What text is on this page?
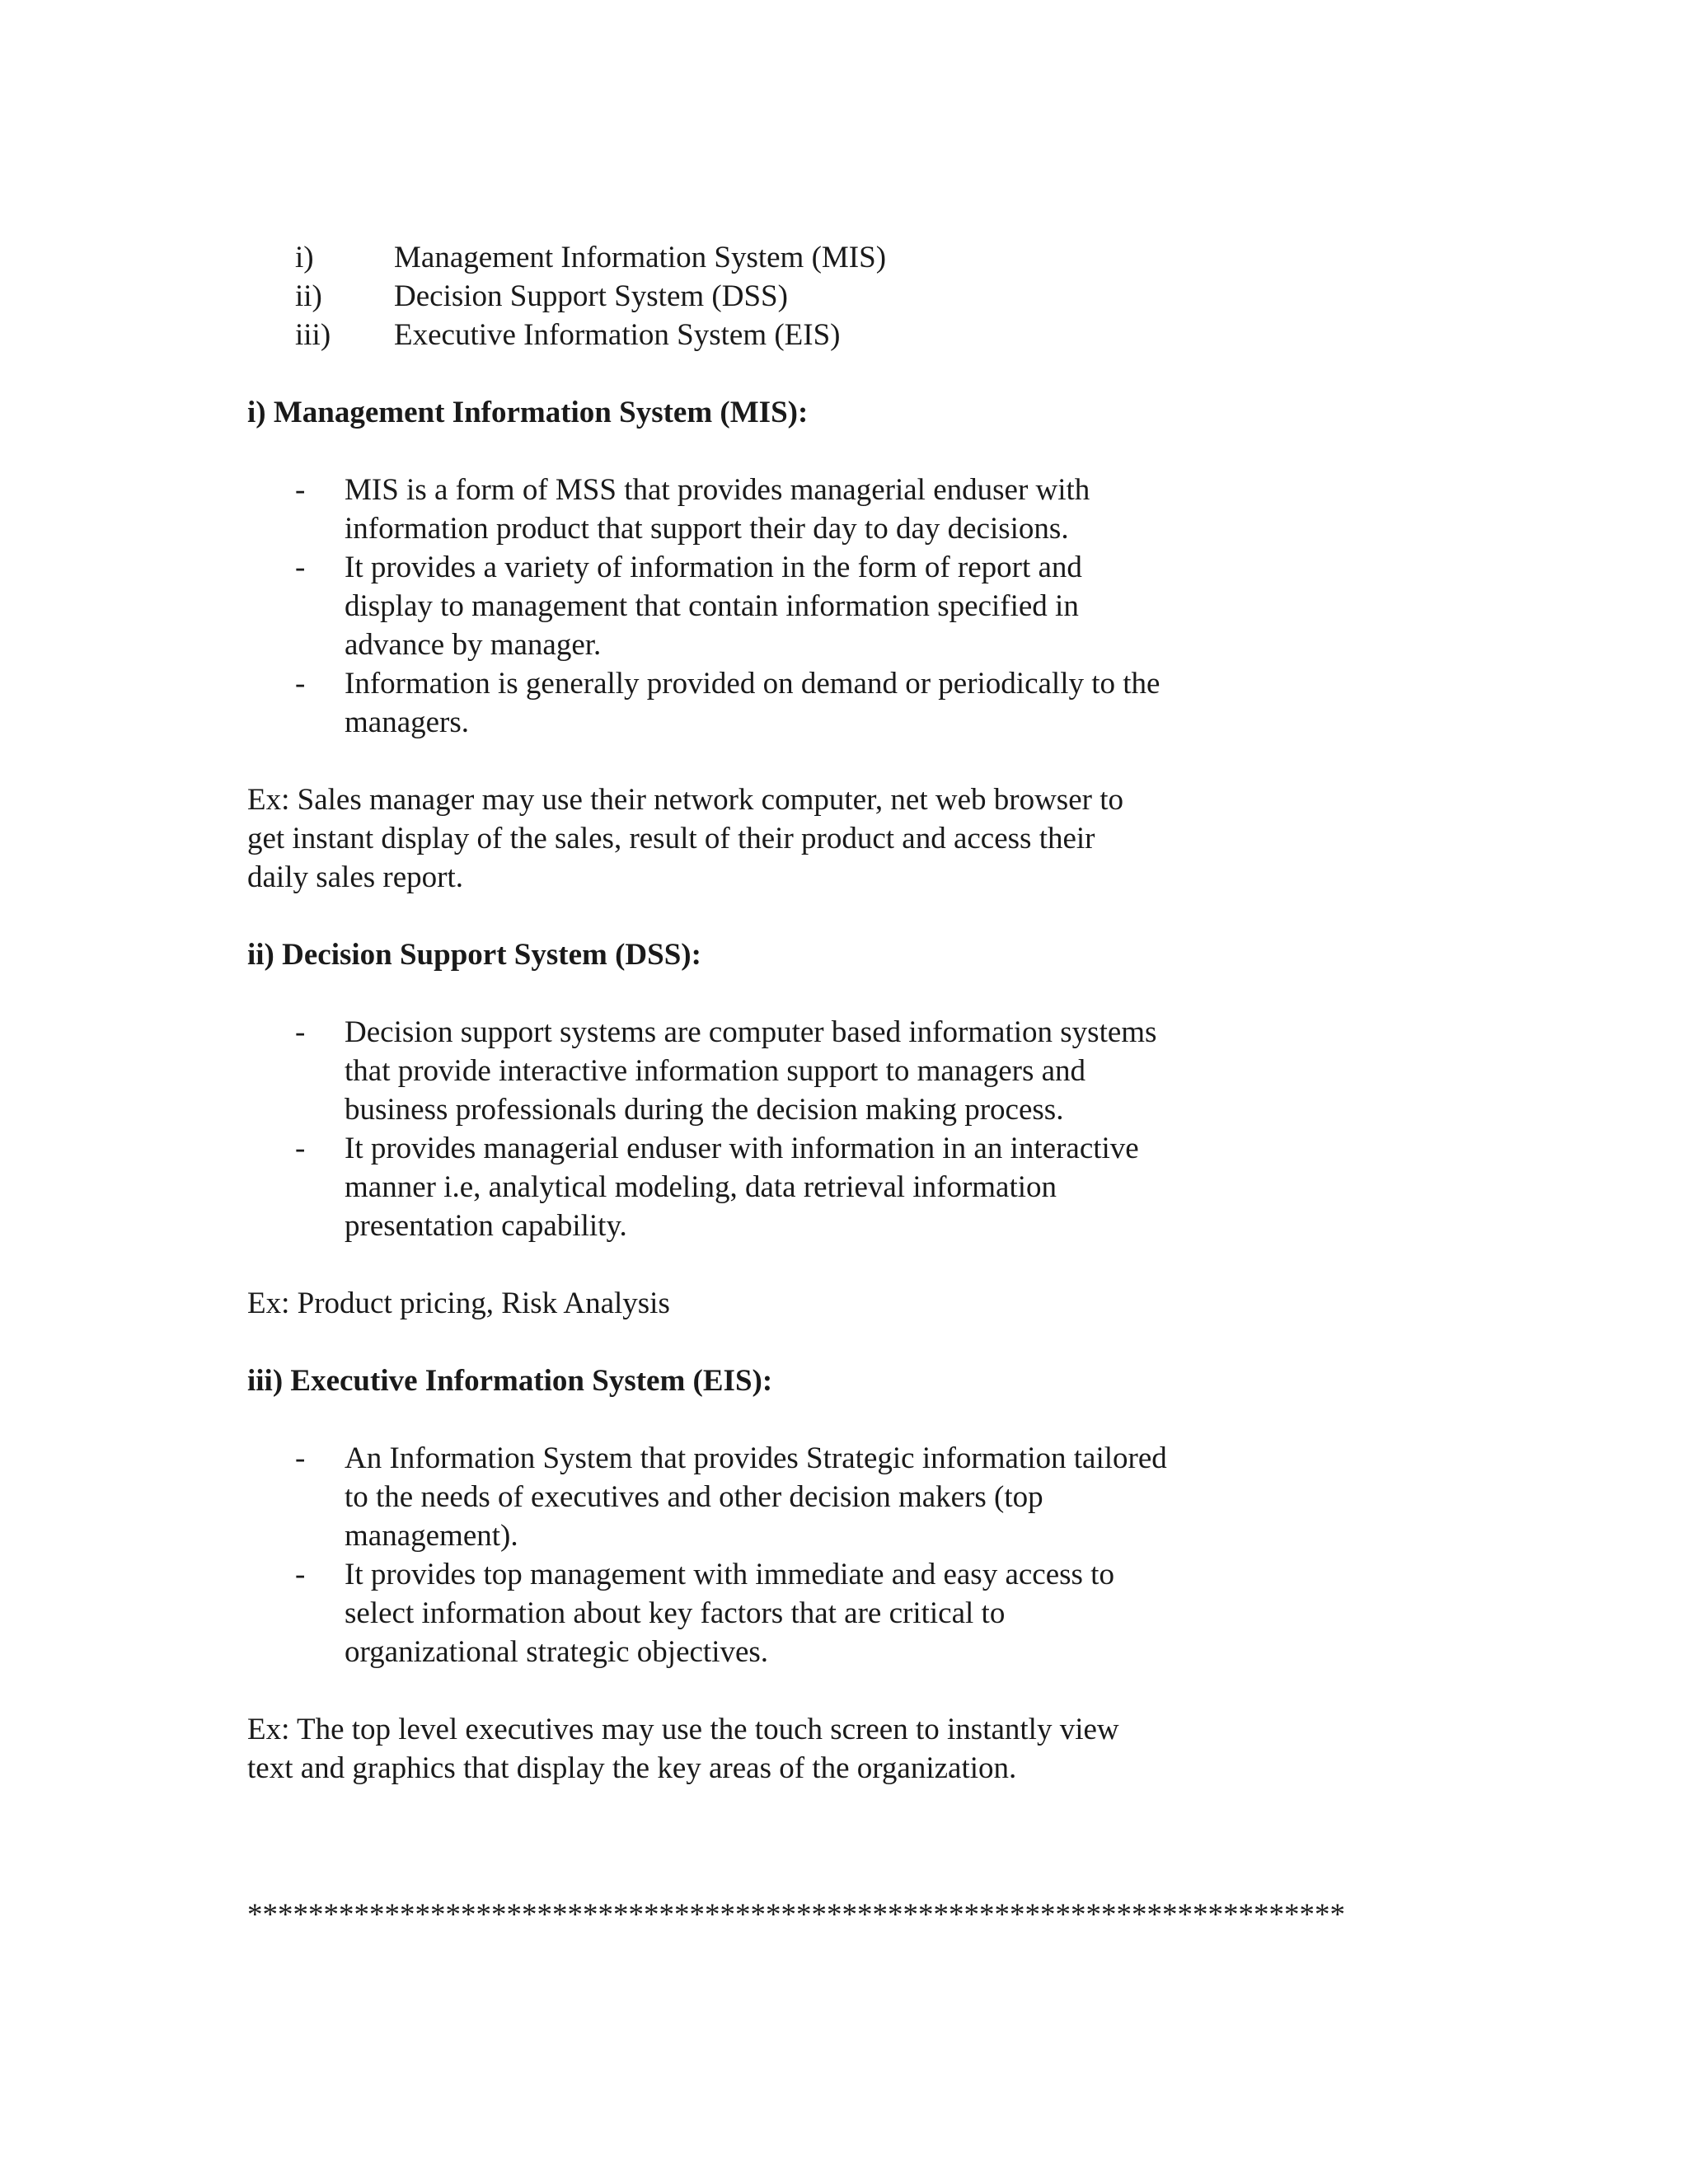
i)	Management Information System (MIS)
ii) Decision Support System (DSS)
iii) Executive Information System (EIS)
i) Management Information System (MIS):
- MIS is a form of MSS that provides managerial enduser with
information product that support their day to day decisions.
- It provides a variety of information in the form of report and
display to management that contain information specified in
advance by manager.
- Information is generally provided on demand or periodically to the
managers.
Ex: Sales manager may use their network computer, net web browser to
get instant display of the sales, result of their product and access their
daily sales report.
ii) Decision Support System (DSS):
- Decision support systems are computer based information systems
that provide interactive information support to managers and
business professionals during the decision making process.
- It provides managerial enduser with information in an interactive
manner i.e, analytical modeling, data retrieval information
presentation capability.
Ex: Product pricing, Risk Analysis
iii) Executive Information System (EIS):
- An Information System that provides Strategic information tailored
to the needs of executives and other decision makers (top
management).
- It provides top management with immediate and easy access to
select information about key factors that are critical to
organizational strategic objectives.
Ex: The top level executives may use the touch screen to instantly view
text and graphics that display the key areas of the organization.
************************************************************************
